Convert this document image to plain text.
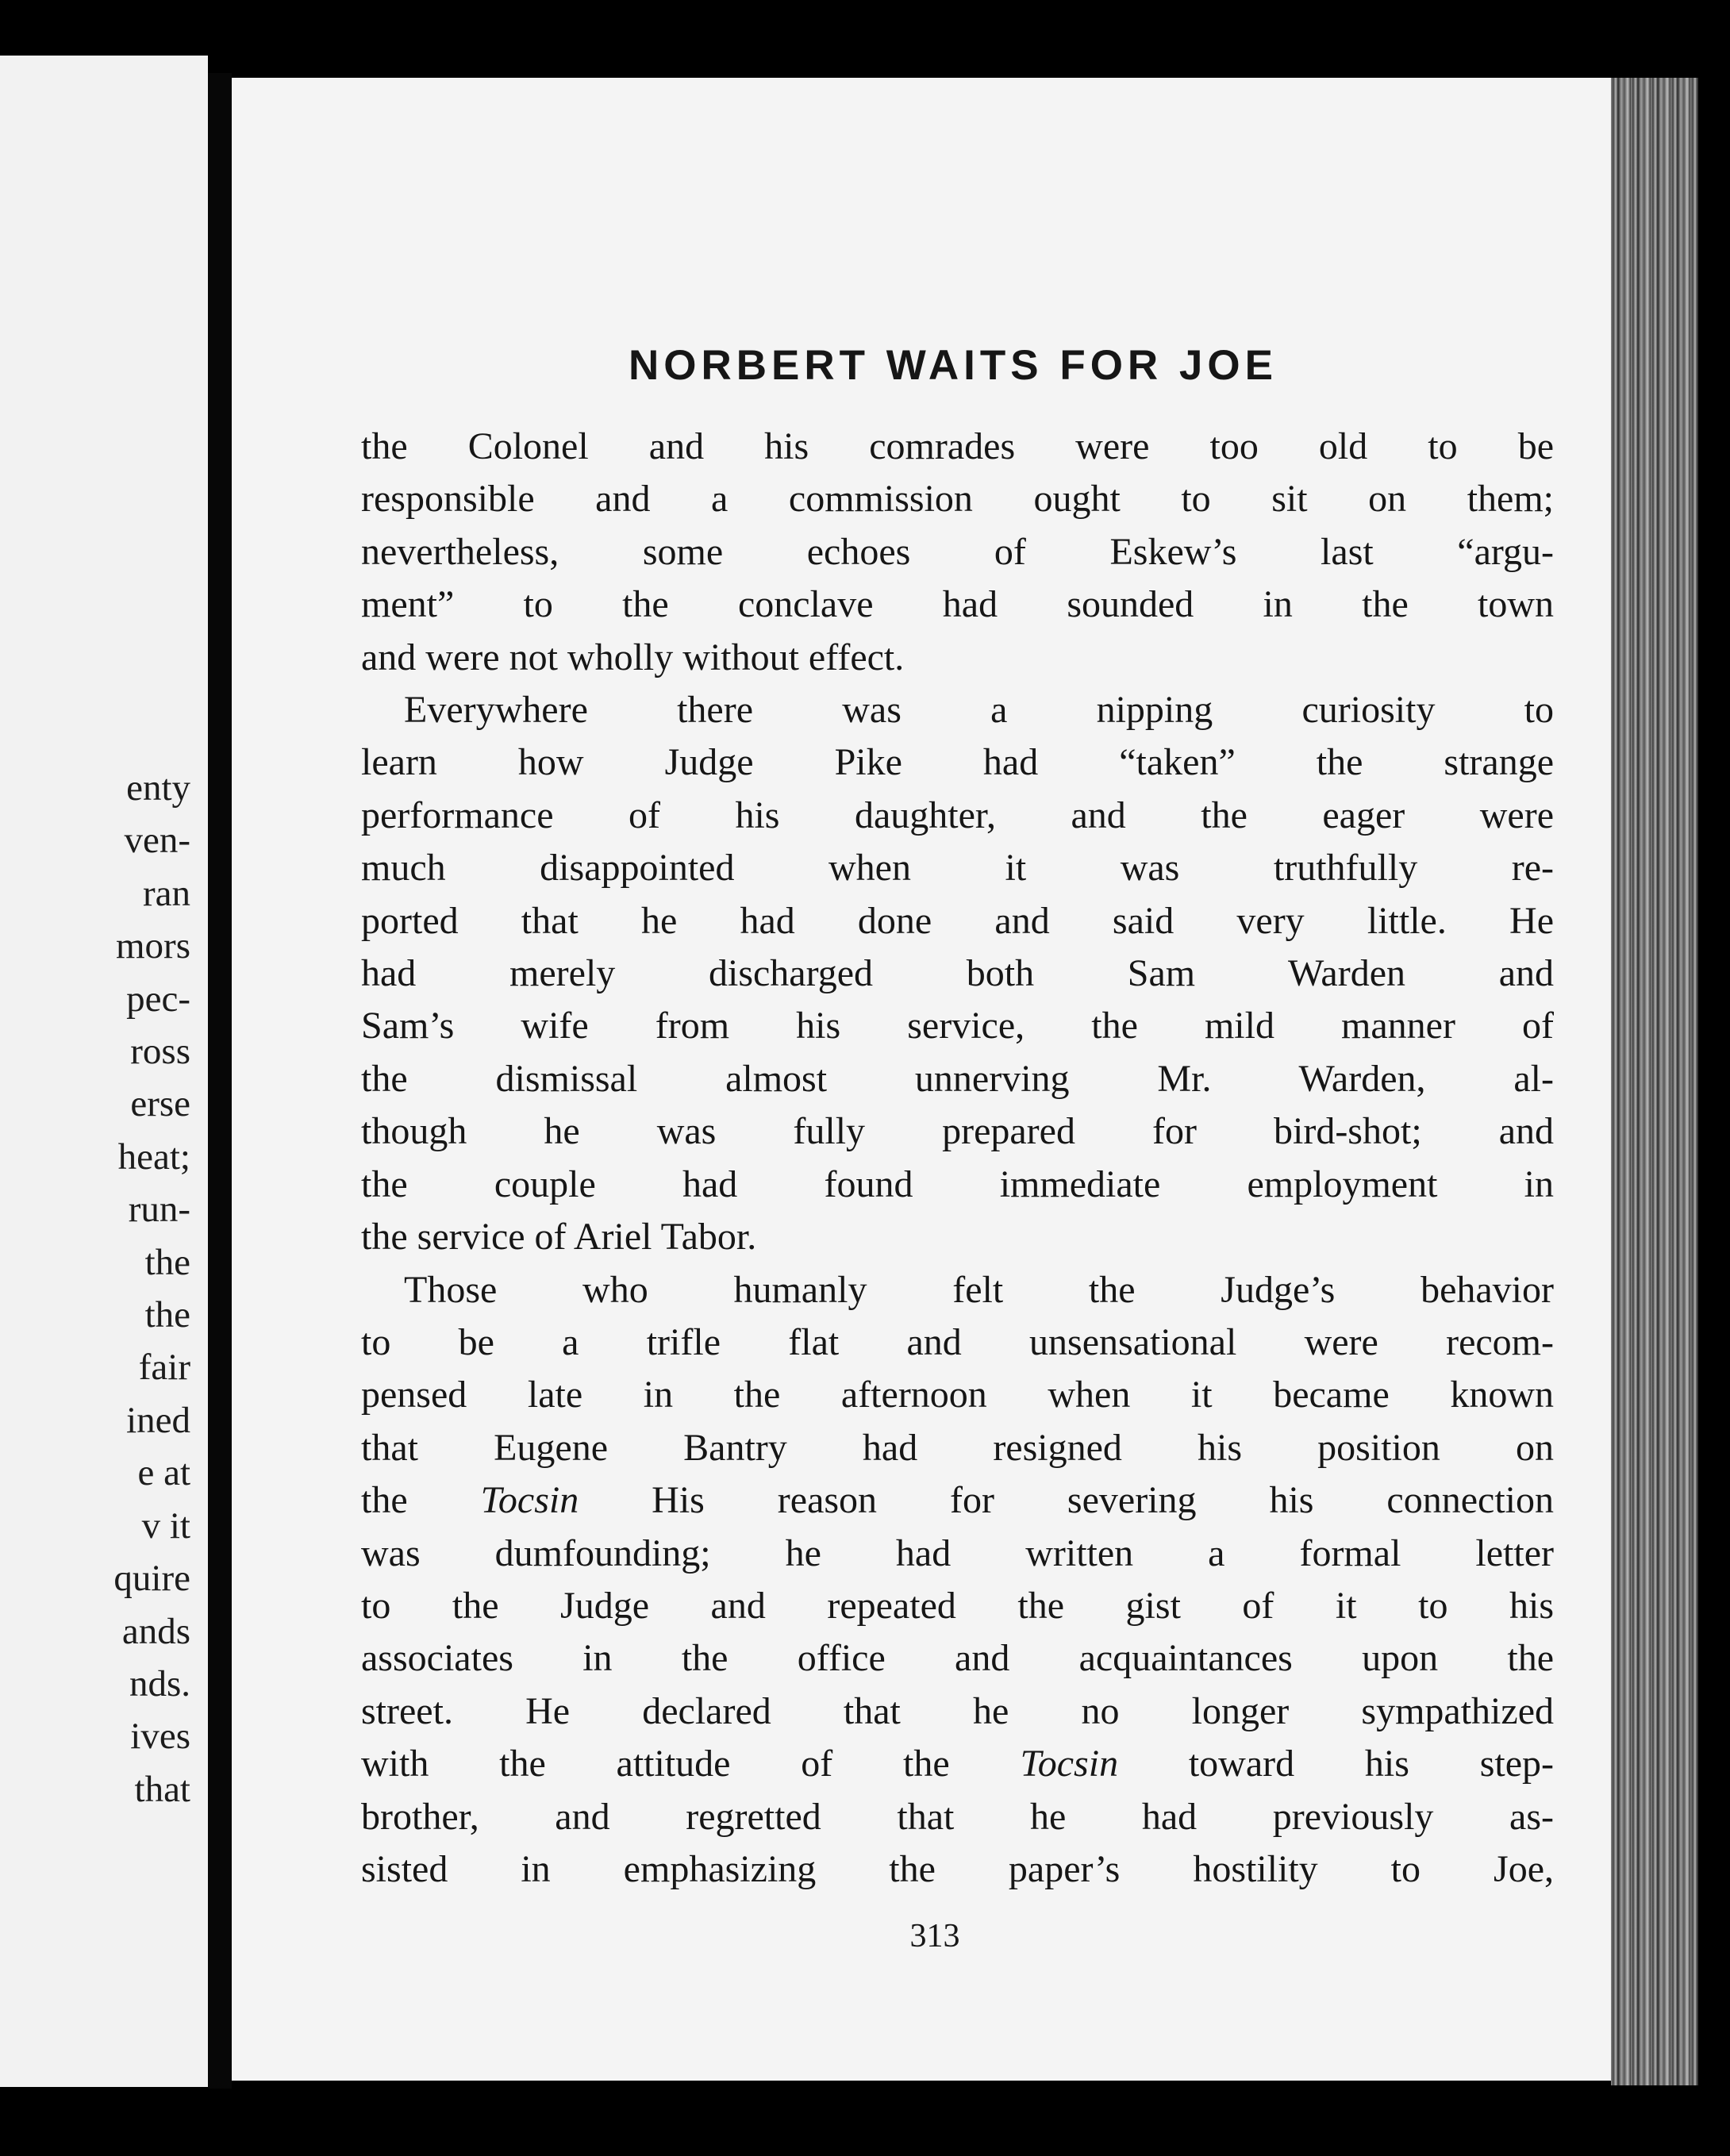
enty
ven-
ran
mors
pec-
ross
erse
heat;
run-
the
the
fair
ined
e at
v it
quire
ands
nds.
ives
that
NORBERT WAITS FOR JOE
the Colonel and his comrades were too old to be
responsible and a commission ought to sit on them;
nevertheless, some echoes of Eskew’s last “argu-
ment” to the conclave had sounded in the town
and were not wholly without effect.
Everywhere there was a nipping curiosity to
learn how Judge Pike had “taken” the strange
performance of his daughter, and the eager were
much disappointed when it was truthfully re-
ported that he had done and said very little. He
had merely discharged both Sam Warden and
Sam’s wife from his service, the mild manner of
the dismissal almost unnerving Mr. Warden, al-
though he was fully prepared for bird-shot; and
the couple had found immediate employment in
the service of Ariel Tabor.
Those who humanly felt the Judge’s behavior
to be a trifle flat and unsensational were recom-
pensed late in the afternoon when it became known
that Eugene Bantry had resigned his position on
the Tocsin His reason for severing his connection
was dumfounding; he had written a formal letter
to the Judge and repeated the gist of it to his
associates in the office and acquaintances upon the
street. He declared that he no longer sympathized
with the attitude of the Tocsin toward his step-
brother, and regretted that he had previously as-
sisted in emphasizing the paper’s hostility to Joe,
313
